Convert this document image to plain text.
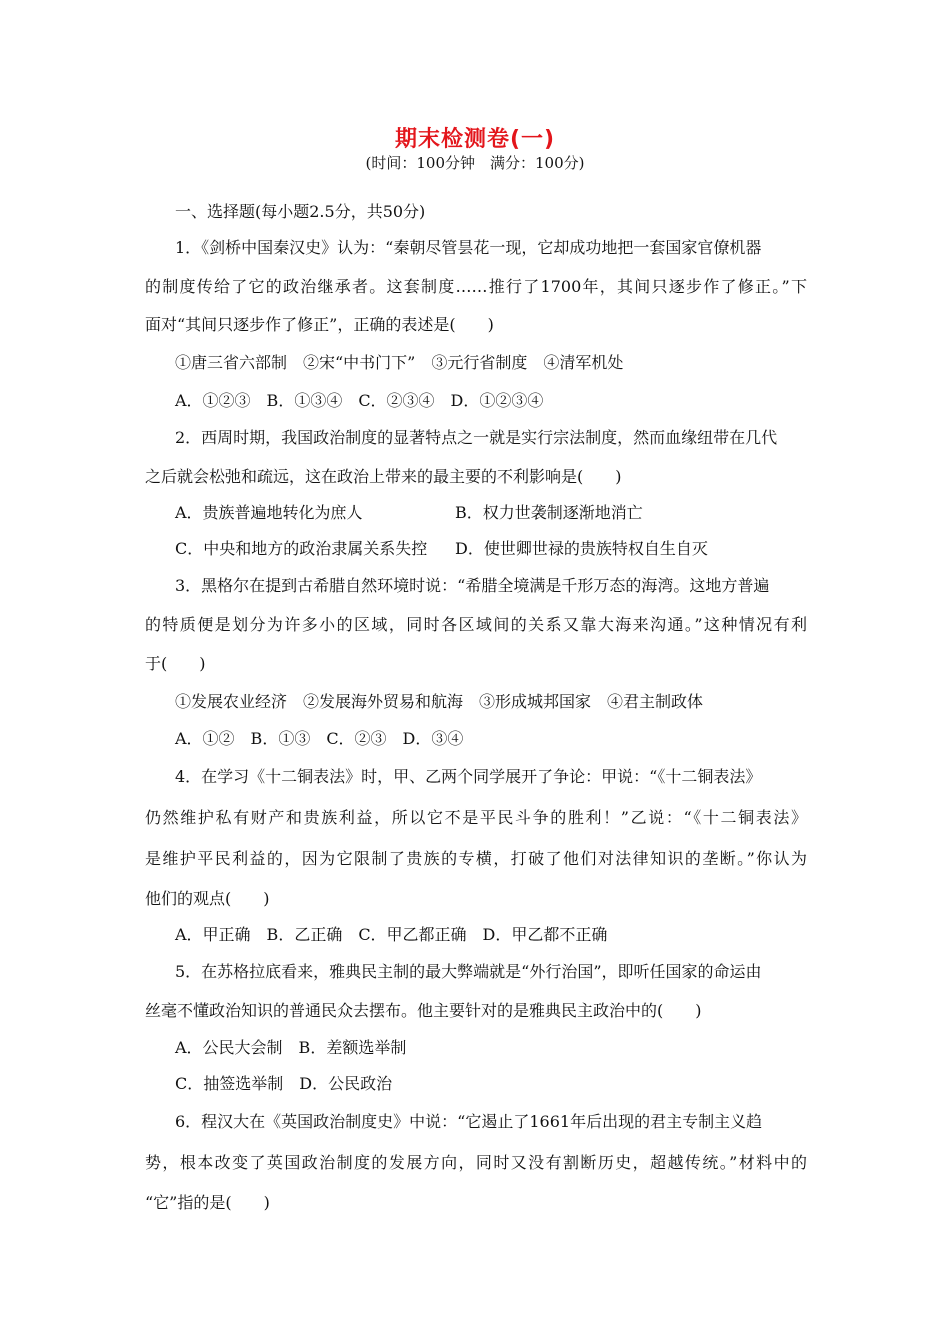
期末检测卷(一)
(时间：100分钟　满分：100分)
一、选择题(每小题2.5分，共50分)
1．《剑桥中国秦汉史》认为：“秦朝尽管昙花一现，它却成功地把一套国家官僚机器
的制度传给了它的政治继承者。这套制度……推行了1700年，其间只逐步作了修正。”下
面对“其间只逐步作了修正”，正确的表述是(　　)
①唐三省六部制　②宋“中书门下”　③元行省制度　④清军机处
A．①②③　B．①③④　C．②③④　D．①②③④
2．西周时期，我国政治制度的显著特点之一就是实行宗法制度，然而血缘纽带在几代
之后就会松弛和疏远，这在政治上带来的最主要的不利影响是(　　)
A．贵族普遍地转化为庶人	B．权力世袭制逐渐地消亡
C．中央和地方的政治隶属关系失控 D．使世卿世禄的贵族特权自生自灭
3．黑格尔在提到古希腊自然环境时说：“希腊全境满是千形万态的海湾。这地方普遍
的特质便是划分为许多小的区域，同时各区域间的关系又靠大海来沟通。”这种情况有利
于(　　)
①发展农业经济　②发展海外贸易和航海　③形成城邦国家　④君主制政体
A．①②　B．①③　C．②③　D．③④
4．在学习《十二铜表法》时，甲、乙两个同学展开了争论：甲说：“《十二铜表法》
仍然维护私有财产和贵族利益，所以它不是平民斗争的胜利！”乙说：“《十二铜表法》
是维护平民利益的，因为它限制了贵族的专横，打破了他们对法律知识的垄断。”你认为
他们的观点(　　)
A．甲正确　B．乙正确　C．甲乙都正确　D．甲乙都不正确
5．在苏格拉底看来，雅典民主制的最大弊端就是“外行治国”，即听任国家的命运由
丝毫不懂政治知识的普通民众去摆布。他主要针对的是雅典民主政治中的(　　)
A．公民大会制　B．差额选举制
C．抽签选举制　D．公民政治
6．程汉大在《英国政治制度史》中说：“它遏止了1661年后出现的君主专制主义趋
势，根本改变了英国政治制度的发展方向，同时又没有割断历史，超越传统。”材料中的
“它”指的是(　　)
